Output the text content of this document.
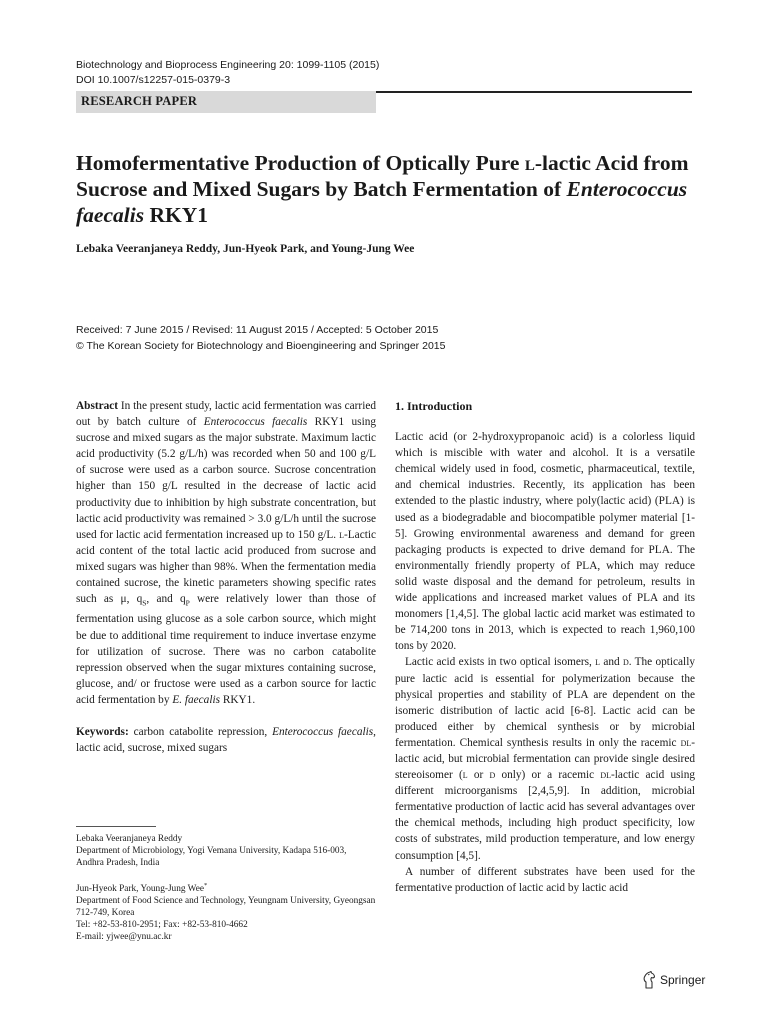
Biotechnology and Bioprocess Engineering 20: 1099-1105 (2015)
DOI 10.1007/s12257-015-0379-3
RESEARCH PAPER
Homofermentative Production of Optically Pure l-lactic Acid from Sucrose and Mixed Sugars by Batch Fermentation of Enterococcus faecalis RKY1
Lebaka Veeranjaneya Reddy, Jun-Hyeok Park, and Young-Jung Wee
Received: 7 June 2015 / Revised: 11 August 2015 / Accepted: 5 October 2015
© The Korean Society for Biotechnology and Bioengineering and Springer 2015

Abstract In the present study, lactic acid fermentation was carried out by batch culture of Enterococcus faecalis RKY1 using sucrose and mixed sugars as the major substrate. Maximum lactic acid productivity (5.2 g/L/h) was recorded when 50 and 100 g/L of sucrose were used as a carbon source. Sucrose concentration higher than 150 g/L resulted in the decrease of lactic acid productivity due to inhibition by high substrate concentration, but lactic acid productivity was remained > 3.0 g/L/h until the sucrose used for lactic acid fermentation increased up to 150 g/L. l-Lactic acid content of the total lactic acid produced from sucrose and mixed sugars was higher than 98%. When the fermentation media contained sucrose, the kinetic parameters showing specific rates such as μ, $q_S$, and $q_P$ were relatively lower than those of fermentation using glucose as a sole carbon source, which might be due to additional time requirement to induce invertase enzyme for utilization of sucrose. There was no carbon catabolite repression observed when the sugar mixtures containing sucrose, glucose, and/ or fructose were used as a carbon source for lactic acid fermentation by E. faecalis RKY1.

Keywords: carbon catabolite repression, Enterococcus faecalis, lactic acid, sucrose, mixed sugars

Lebaka Veeranjaneya Reddy

Department of Microbiology, Yogi Vemana University, Kadapa 516-003, Andhra Pradesh, India

Jun-Hyeok Park, Young-Jung Wee*

Department of Food Science and Technology, Yeungnam University, Gyeongsan 712-749, Korea

Tel: +82-53-810-2951; Fax: +82-53-810-4662

E-mail: yjwee@ynu.ac.kr

1. Introduction

Lactic acid (or 2-hydroxypropanoic acid) is a colorless liquid which is miscible with water and alcohol. It is a versatile chemical widely used in food, cosmetic, pharmaceutical, textile, and chemical industries. Recently, its application has been extended to the plastic industry, where poly(lactic acid) (PLA) is used as a biodegradable and biocompatible polymer material [1-5]. Growing environmental awareness and demand for green packaging products is expected to drive demand for PLA. The environmentally friendly property of PLA, which may reduce solid waste disposal and the demand for petroleum, results in wide applications and increased market values of PLA and its monomers [1,4,5]. The global lactic acid market was estimated to be 714,200 tons in 2013, which is expected to reach 1,960,100 tons by 2020.

Lactic acid exists in two optical isomers, l and d. The optically pure lactic acid is essential for polymerization because the physical properties and stability of PLA are dependent on the isomeric distribution of lactic acid [6-8]. Lactic acid can be produced either by chemical synthesis or by microbial fermentation. Chemical synthesis results in only the racemic dl-lactic acid, but microbial fermentation can provide single desired stereoisomer (l or d only) or a racemic dl-lactic acid using different microorganisms [2,4,5,9]. In addition, microbial fermentative production of lactic acid has several advantages over the chemical methods, including high product specificity, low costs of substrates, mild production temperature, and low energy consumption [4,5].

A number of different substrates have been used for the fermentative production of lactic acid by lactic acid

Springer
